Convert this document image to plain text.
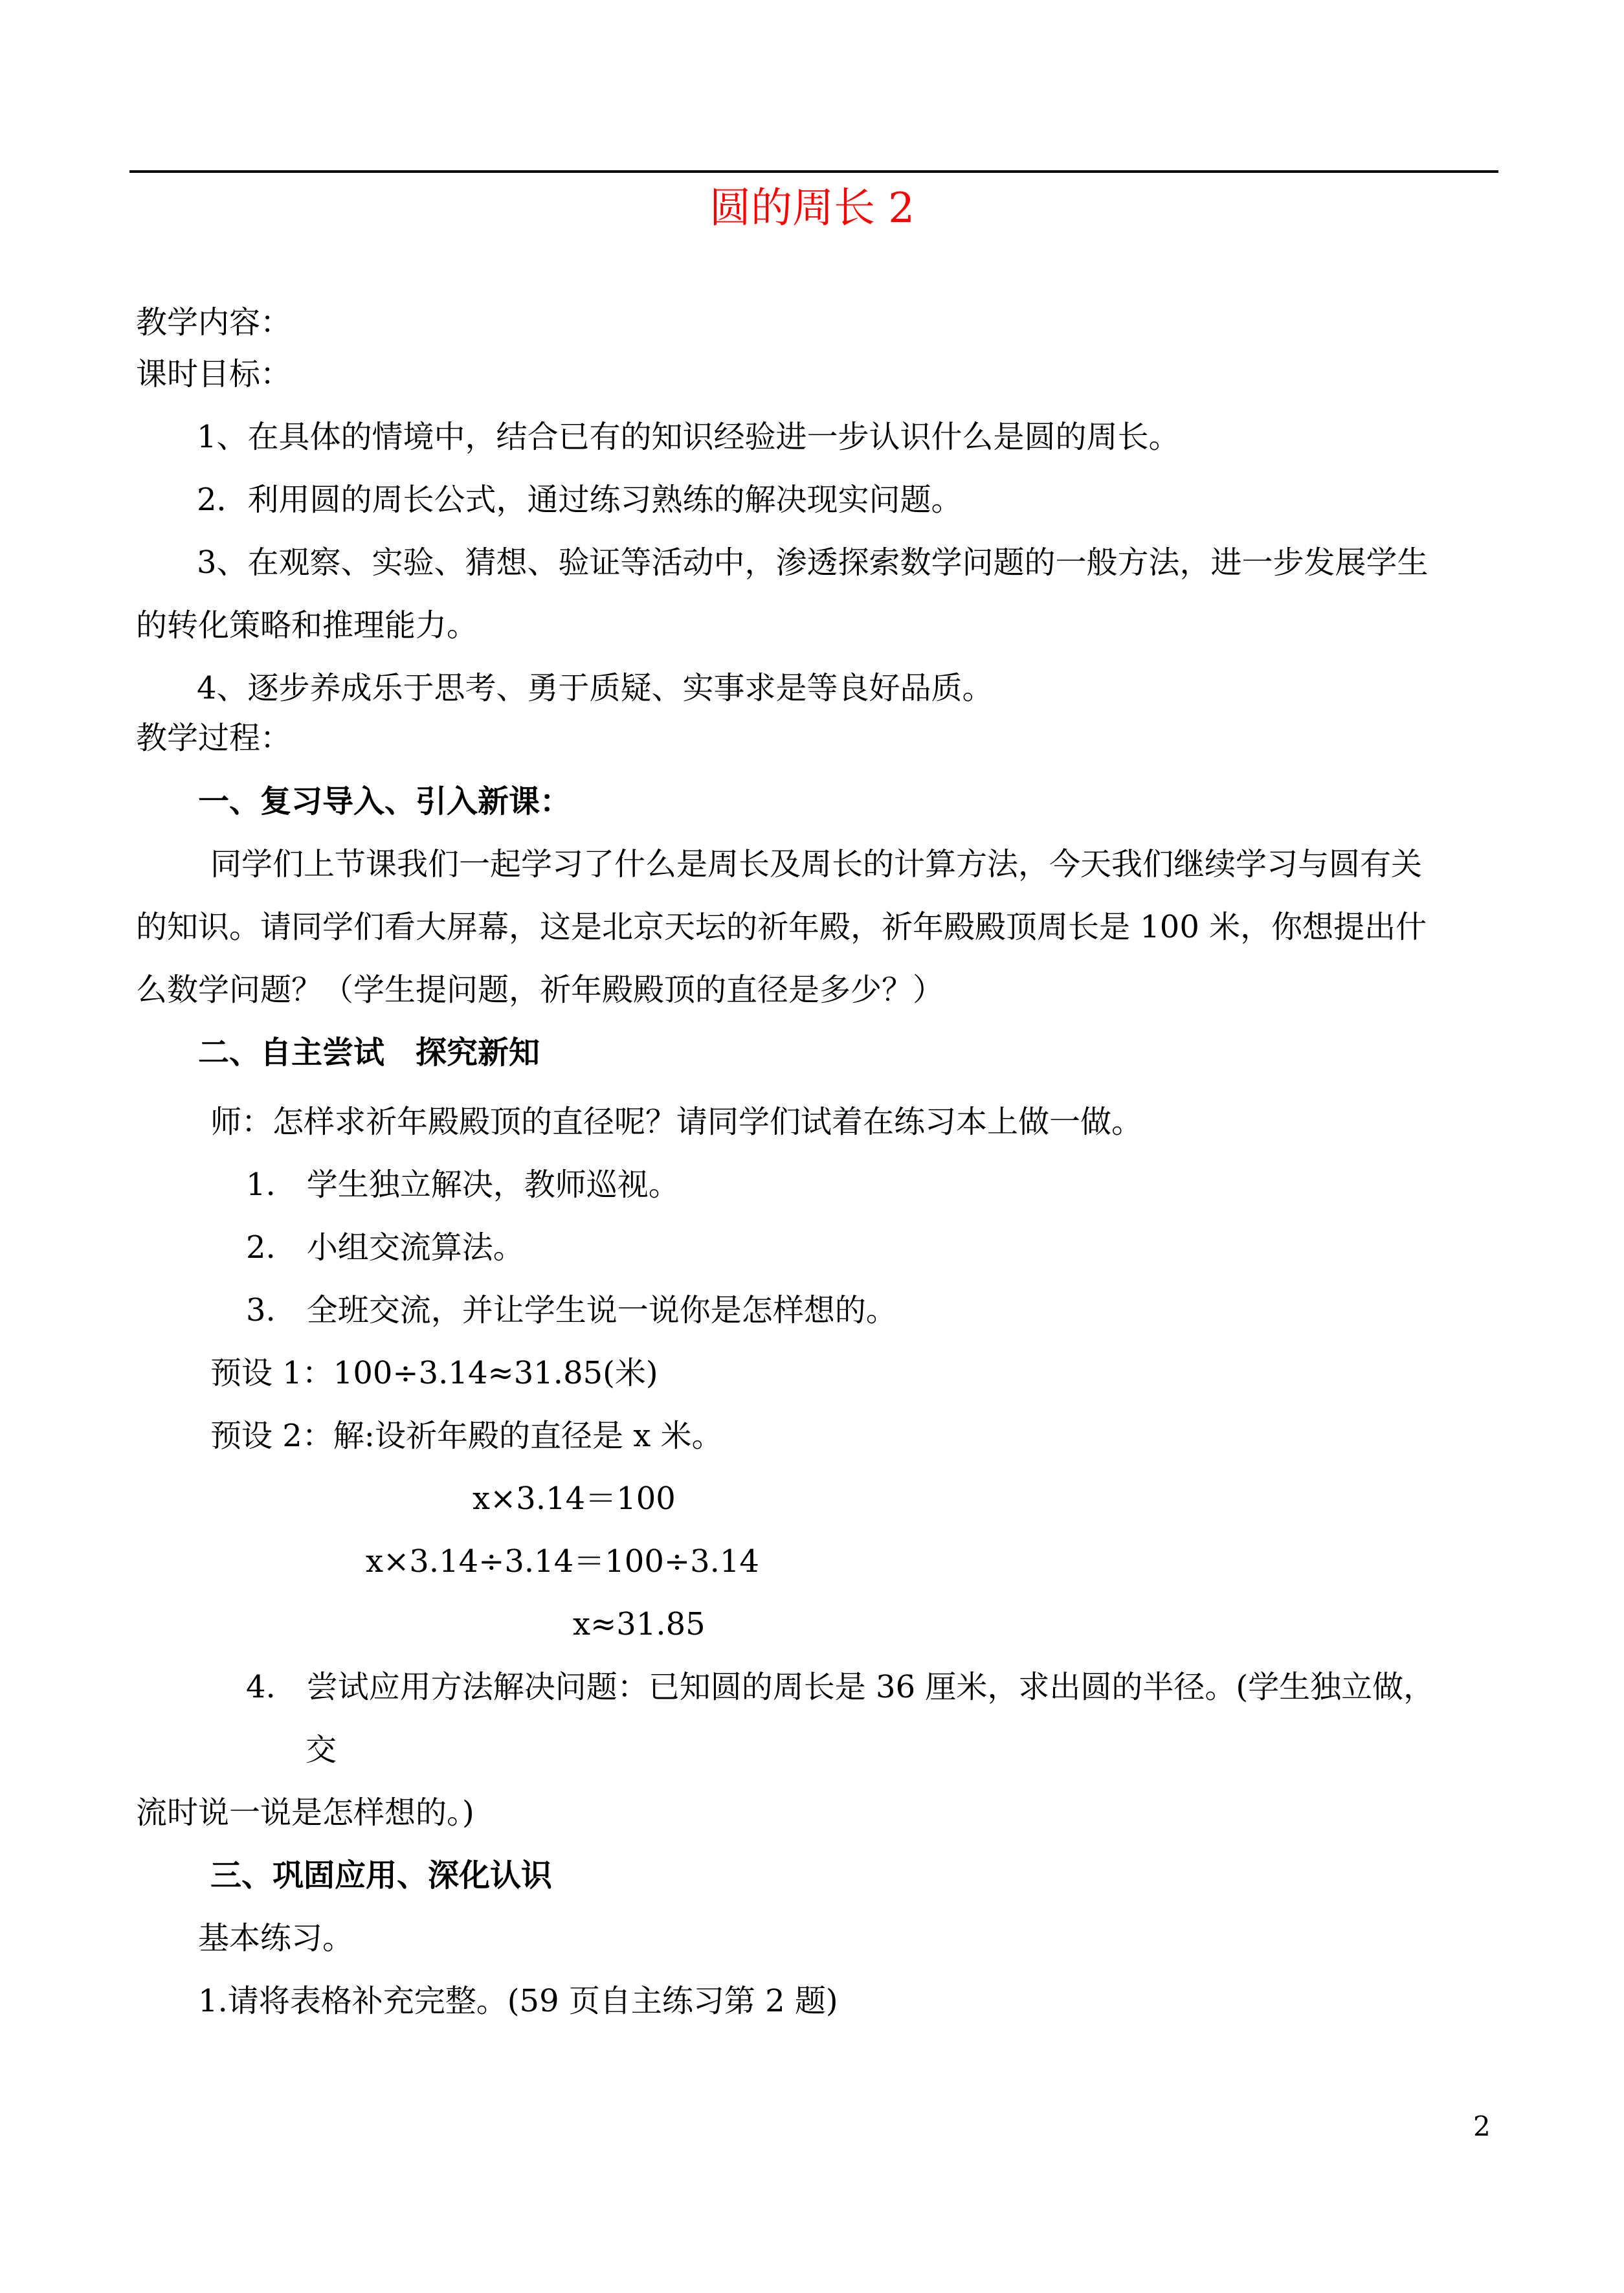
圆的周长 2
教学内容：
课时目标：
1、在具体的情境中，结合已有的知识经验进一步认识什么是圆的周长。
2．利用圆的周长公式，通过练习熟练的解决现实问题。
3、在观察、实验、猜想、验证等活动中，渗透探索数学问题的一般方法，进一步发展学生
的转化策略和推理能力。
4、逐步养成乐于思考、勇于质疑、实事求是等良好品质。
教学过程：
一、复习导入、引入新课：
同学们上节课我们一起学习了什么是周长及周长的计算方法，今天我们继续学习与圆有关
的知识。请同学们看大屏幕，这是北京天坛的祈年殿，祈年殿殿顶周长是 100 米，你想提出什
么数学问题？（学生提问题，祈年殿殿顶的直径是多少？）
二、自主尝试　探究新知
师：怎样求祈年殿殿顶的直径呢？请同学们试着在练习本上做一做。
1.　学生独立解决，教师巡视。
2.　小组交流算法。
3.　全班交流，并让学生说一说你是怎样想的。
预设 1：100÷3.14≈31.85(米)
预设 2：解:设祈年殿的直径是 x 米。
x×3.14＝100
x×3.14÷3.14＝100÷3.14
x≈31.85
4.　尝试应用方法解决问题：已知圆的周长是 36 厘米，求出圆的半径。(学生独立做，
交
流时说一说是怎样想的。)
三、巩固应用、深化认识
基本练习。
1.请将表格补充完整。(59 页自主练习第 2 题)
2
